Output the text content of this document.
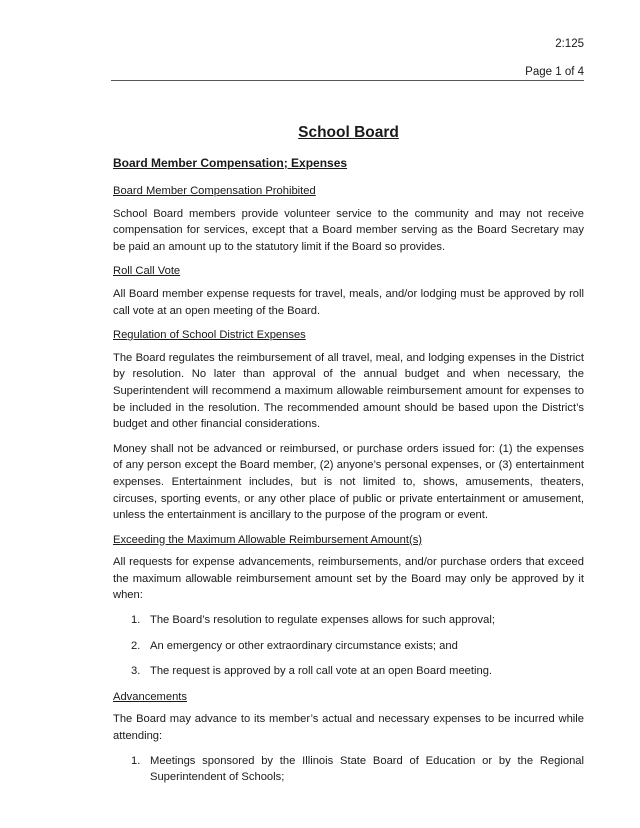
2:125
Page 1 of 4
School Board
Board Member Compensation; Expenses
Board Member Compensation Prohibited

School Board members provide volunteer service to the community and may not receive compensation for services, except that a Board member serving as the Board Secretary may be paid an amount up to the statutory limit if the Board so provides.

Roll Call Vote

All Board member expense requests for travel, meals, and/or lodging must be approved by roll call vote at an open meeting of the Board.

Regulation of School District Expenses

The Board regulates the reimbursement of all travel, meal, and lodging expenses in the District by resolution. No later than approval of the annual budget and when necessary, the Superintendent will recommend a maximum allowable reimbursement amount for expenses to be included in the resolution. The recommended amount should be based upon the District’s budget and other financial considerations.

Money shall not be advanced or reimbursed, or purchase orders issued for: (1) the expenses of any person except the Board member, (2) anyone’s personal expenses, or (3) entertainment expenses. Entertainment includes, but is not limited to, shows, amusements, theaters, circuses, sporting events, or any other place of public or private entertainment or amusement, unless the entertainment is ancillary to the purpose of the program or event.

Exceeding the Maximum Allowable Reimbursement Amount(s)

All requests for expense advancements, reimbursements, and/or purchase orders that exceed the maximum allowable reimbursement amount set by the Board may only be approved by it when:

1. The Board’s resolution to regulate expenses allows for such approval;
2. An emergency or other extraordinary circumstance exists; and
3. The request is approved by a roll call vote at an open Board meeting.
Advancements

The Board may advance to its member’s actual and necessary expenses to be incurred while attending:

1. Meetings sponsored by the Illinois State Board of Education or by the Regional Superintendent of Schools;
